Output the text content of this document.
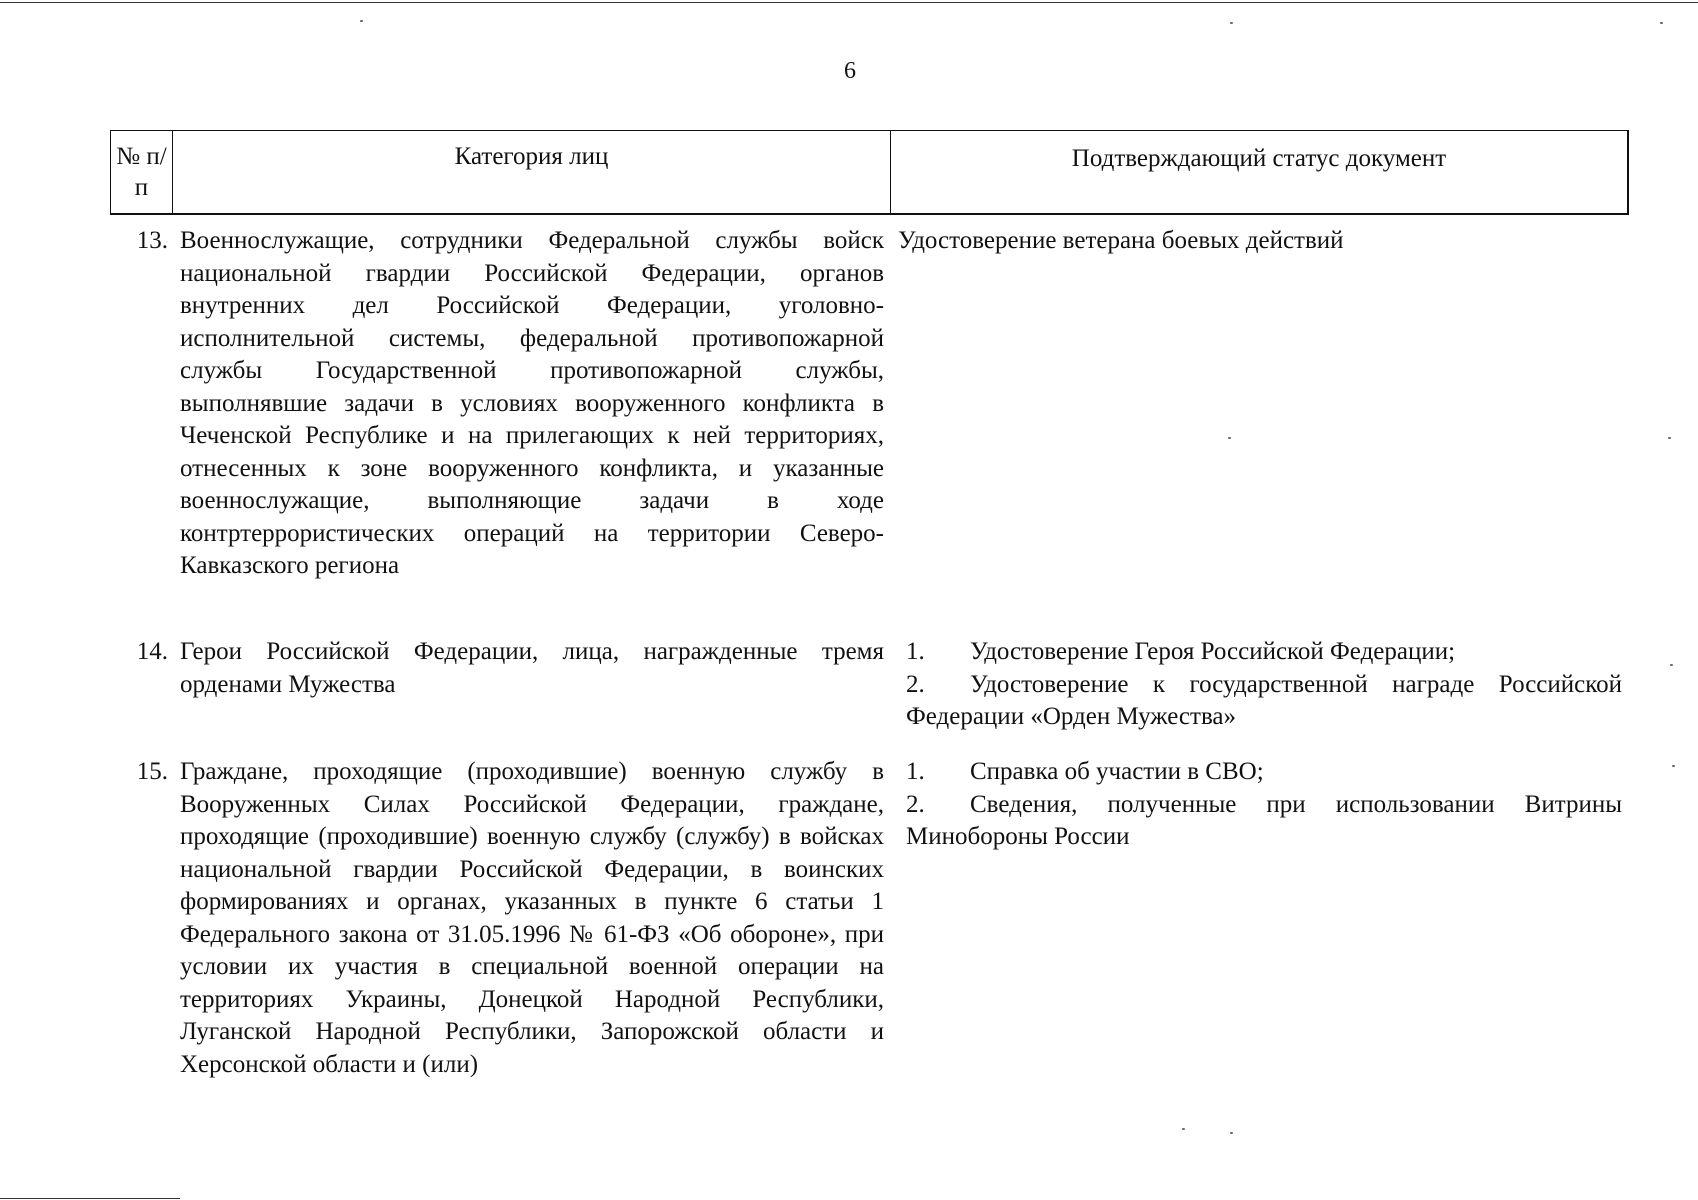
6
№ п/п
Категория лиц	Подтверждающий статус документ
13. Военнослужащие, сотрудники Федеральной службы войск национальной гвардии Российской Федерации, органов внутренних дел Российской Федерации, уголовно-исполнительной системы, федеральной противопожарной службы Государственной противопожарной службы, выполнявшие задачи в условиях вооруженного конфликта в Чеченской Республике и на прилегающих к ней территориях, отнесенных к зоне вооруженного конфликта, и указанные военнослужащие, выполняющие задачи в ходе контртеррористических операций на территории Северо-Кавказского региона
Удостоверение ветерана боевых действий
14. Герои Российской Федерации, лица, награжденные тремя орденами Мужества
1. Удостоверение Героя Российской Федерации;
2. Удостоверение к государственной награде Российской Федерации «Орден Мужества»
15. Граждане, проходящие (проходившие) военную службу в Вооруженных Силах Российской Федерации, граждане, проходящие (проходившие) военную службу (службу) в войсках национальной гвардии Российской Федерации, в воинских формированиях и органах, указанных в пункте 6 статьи 1 Федерального закона от 31.05.1996 № 61-ФЗ «Об обороне», при условии их участия в специальной военной операции на территориях Украины, Донецкой Народной Республики, Луганской Народной Республики, Запорожской области и Херсонской области и (или)
1. Справка об участии в СВО;
2. Сведения, полученные при использовании Витрины Минобороны России
